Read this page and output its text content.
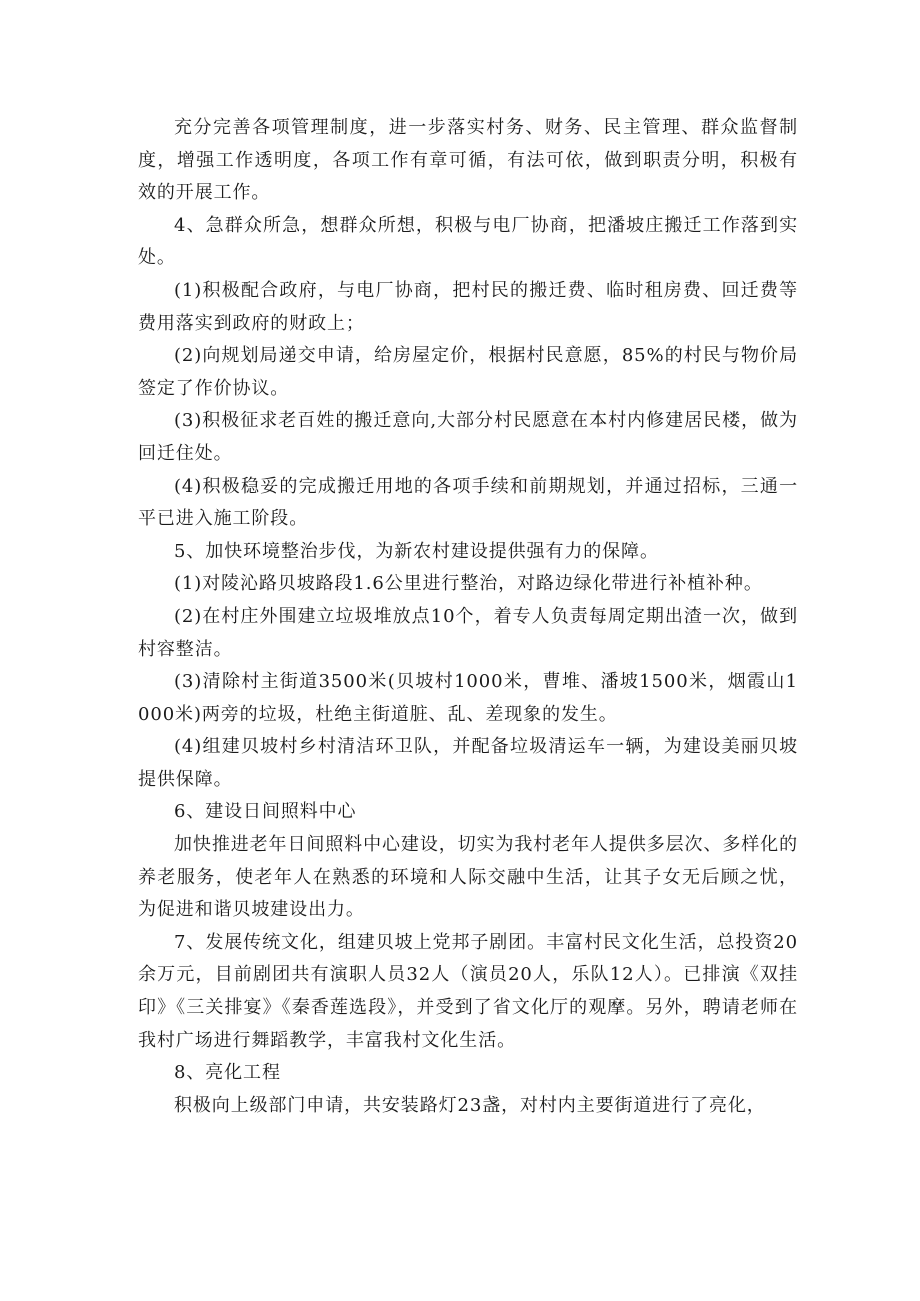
充分完善各项管理制度，进一步落实村务、财务、民主管理、群众监督制度，增强工作透明度，各项工作有章可循，有法可依，做到职责分明，积极有效的开展工作。

4、急群众所急，想群众所想，积极与电厂协商，把潘坡庄搬迁工作落到实处。

(1)积极配合政府，与电厂协商，把村民的搬迁费、临时租房费、回迁费等费用落实到政府的财政上；

(2)向规划局递交申请，给房屋定价，根据村民意愿，85%的村民与物价局签定了作价协议。

(3)积极征求老百姓的搬迁意向,大部分村民愿意在本村内修建居民楼，做为回迁住处。

(4)积极稳妥的完成搬迁用地的各项手续和前期规划，并通过招标，三通一平已进入施工阶段。

5、加快环境整治步伐，为新农村建设提供强有力的保障。

(1)对陵沁路贝坡路段1.6公里进行整治，对路边绿化带进行补植补种。

(2)在村庄外围建立垃圾堆放点10个，着专人负责每周定期出渣一次，做到村容整洁。

(3)清除村主街道3500米(贝坡村1000米，曹堆、潘坡1500米，烟霞山1000米)两旁的垃圾，杜绝主街道脏、乱、差现象的发生。

(4)组建贝坡村乡村清洁环卫队，并配备垃圾清运车一辆，为建设美丽贝坡提供保障。

6、建设日间照料中心

加快推进老年日间照料中心建设，切实为我村老年人提供多层次、多样化的养老服务，使老年人在熟悉的环境和人际交融中生活，让其子女无后顾之忧，为促进和谐贝坡建设出力。

7、发展传统文化，组建贝坡上党邦子剧团。丰富村民文化生活，总投资20余万元，目前剧团共有演职人员32人（演员20人，乐队12人）。已排演《双挂印》《三关排宴》《秦香莲选段》，并受到了省文化厅的观摩。另外，聘请老师在我村广场进行舞蹈教学，丰富我村文化生活。

8、亮化工程

积极向上级部门申请，共安装路灯23盏，对村内主要街道进行了亮化，
